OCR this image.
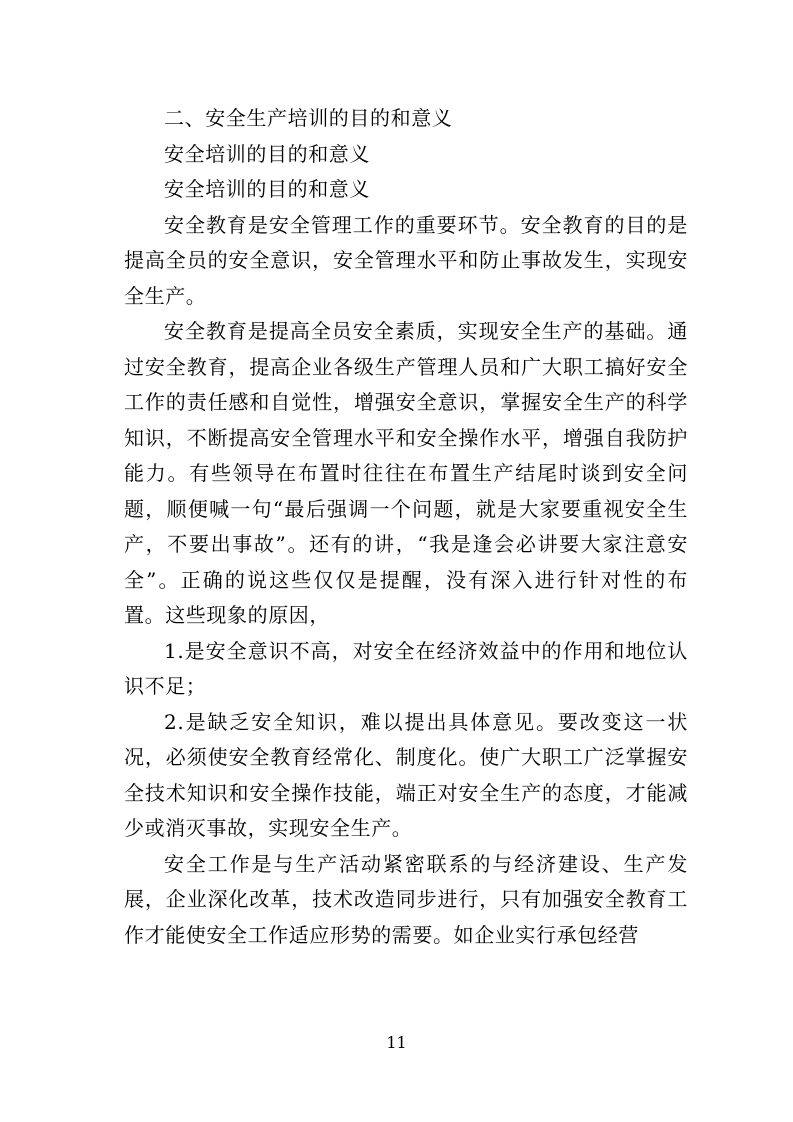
二、安全生产培训的目的和意义

安全培训的目的和意义

安全培训的目的和意义

安全教育是安全管理工作的重要环节。安全教育的目的是提高全员的安全意识，安全管理水平和防止事故发生，实现安全生产。

安全教育是提高全员安全素质，实现安全生产的基础。通过安全教育，提高企业各级生产管理人员和广大职工搞好安全工作的责任感和自觉性，增强安全意识，掌握安全生产的科学知识，不断提高安全管理水平和安全操作水平，增强自我防护能力。有些领导在布置时往往在布置生产结尾时谈到安全问题，顺便喊一句“最后强调一个问题，就是大家要重视安全生产，不要出事故”。还有的讲，“我是逢会必讲要大家注意安全”。正确的说这些仅仅是提醒，没有深入进行针对性的布置。这些现象的原因，

1.是安全意识不高，对安全在经济效益中的作用和地位认识不足；

2.是缺乏安全知识，难以提出具体意见。要改变这一状况，必须使安全教育经常化、制度化。使广大职工广泛掌握安全技术知识和安全操作技能，端正对安全生产的态度，才能减少或消灭事故，实现安全生产。

安全工作是与生产活动紧密联系的与经济建设、生产发展，企业深化改革，技术改造同步进行，只有加强安全教育工作才能使安全工作适应形势的需要。如企业实行承包经营

11
